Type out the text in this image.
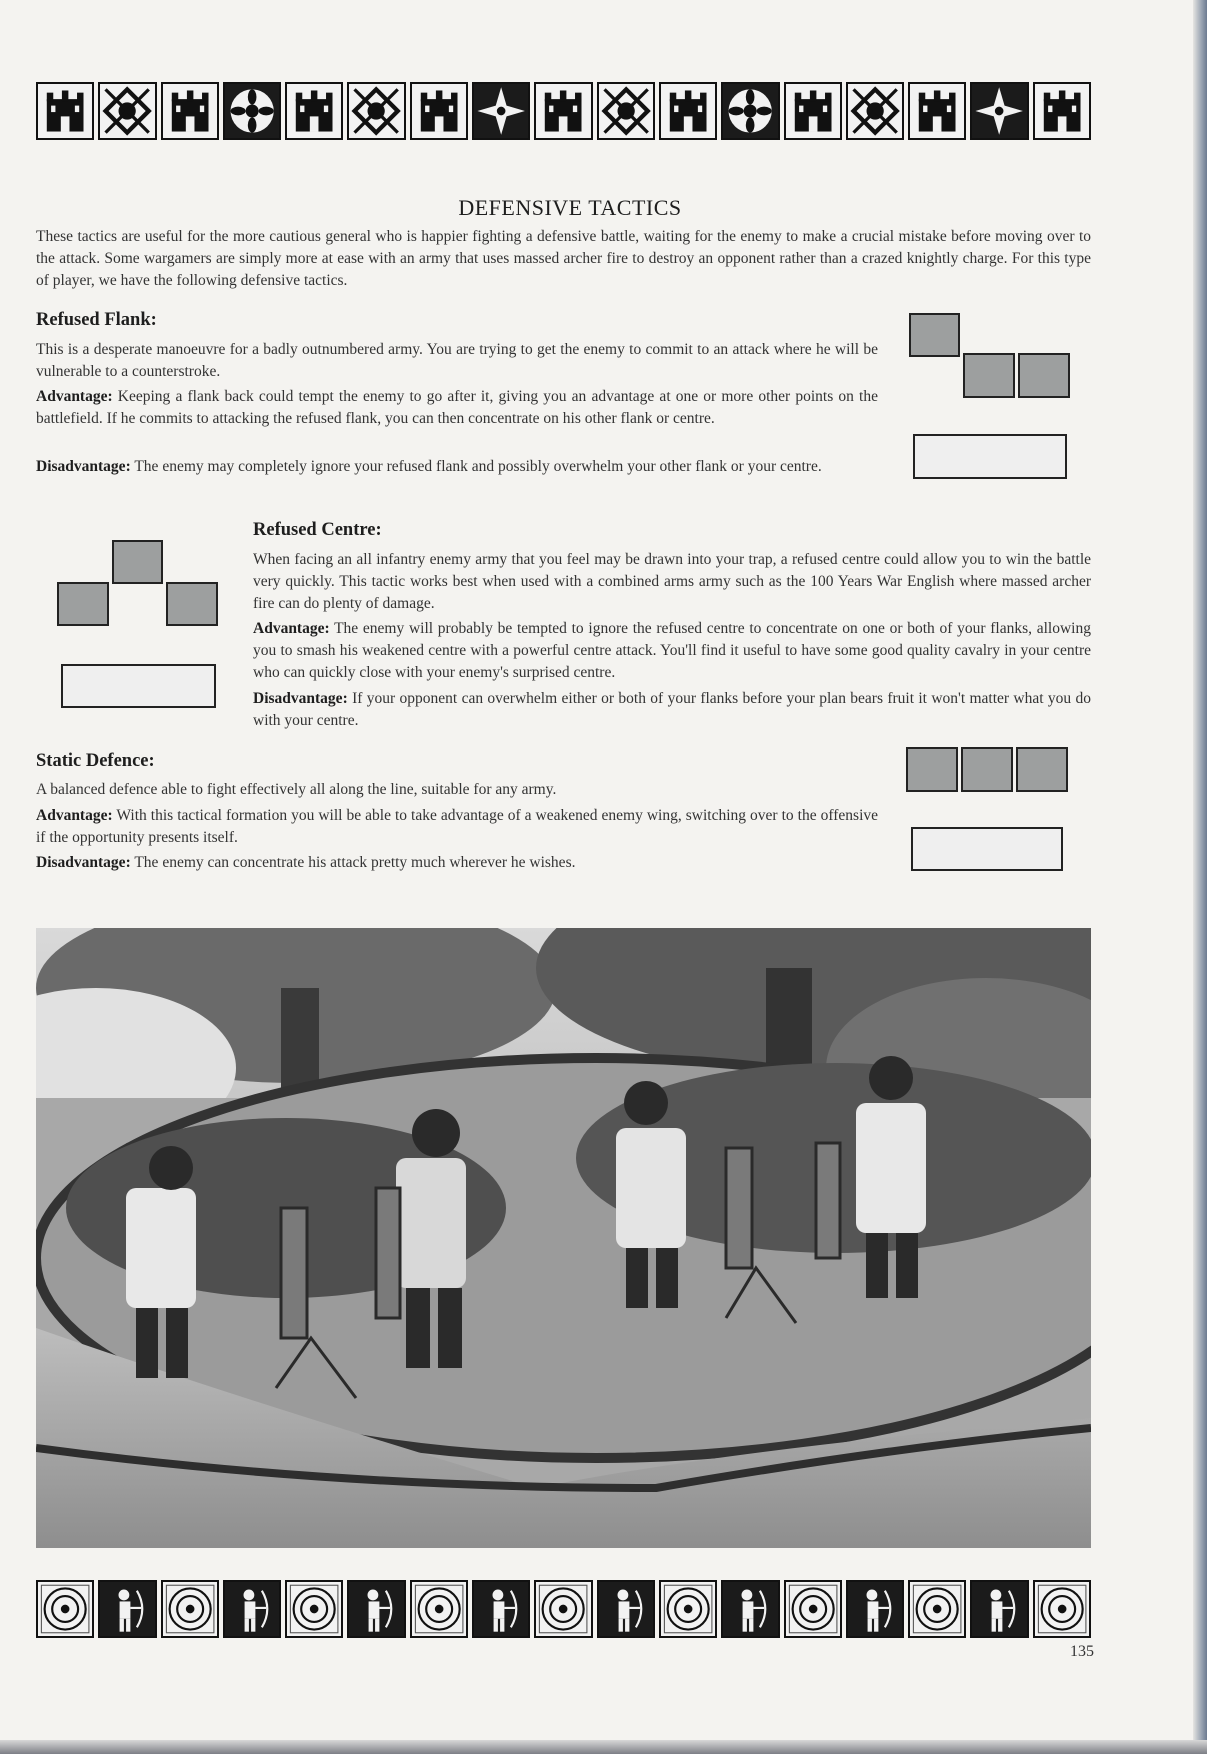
DEFENSIVE TACTICS

These tactics are useful for the more cautious general who is happier fighting a defensive battle, waiting for the enemy to make a crucial mistake before moving over to the attack. Some wargamers are simply more at ease with an army that uses massed archer fire to destroy an opponent rather than a crazed knightly charge. For this type of player, we have the following defensive tactics.

Refused Flank:

This is a desperate manoeuvre for a badly outnumbered army. You are trying to get the enemy to commit to an attack where he will be vulnerable to a counterstroke.

Advantage: Keeping a flank back could tempt the enemy to go after it, giving you an advantage at one or more other points on the battlefield. If he commits to attacking the refused flank, you can then concentrate on his other flank or centre.

Disadvantage: The enemy may completely ignore your refused flank and possibly overwhelm your other flank or your centre.

Refused Centre:

When facing an all infantry enemy army that you feel may be drawn into your trap, a refused centre could allow you to win the battle very quickly. This tactic works best when used with a combined arms army such as the 100 Years War English where massed archer fire can do plenty of damage.

Advantage: The enemy will probably be tempted to ignore the refused centre to concentrate on one or both of your flanks, allowing you to smash his weakened centre with a powerful centre attack. You'll find it useful to have some good quality cavalry in your centre who can quickly close with your enemy's surprised centre.

Disadvantage: If your opponent can overwhelm either or both of your flanks before your plan bears fruit it won't matter what you do with your centre.

Static Defence:

A balanced defence able to fight effectively all along the line, suitable for any army.

Advantage: With this tactical formation you will be able to take advantage of a weakened enemy wing, switching over to the offensive if the opportunity presents itself.

Disadvantage: The enemy can concentrate his attack pretty much wherever he wishes.

135
